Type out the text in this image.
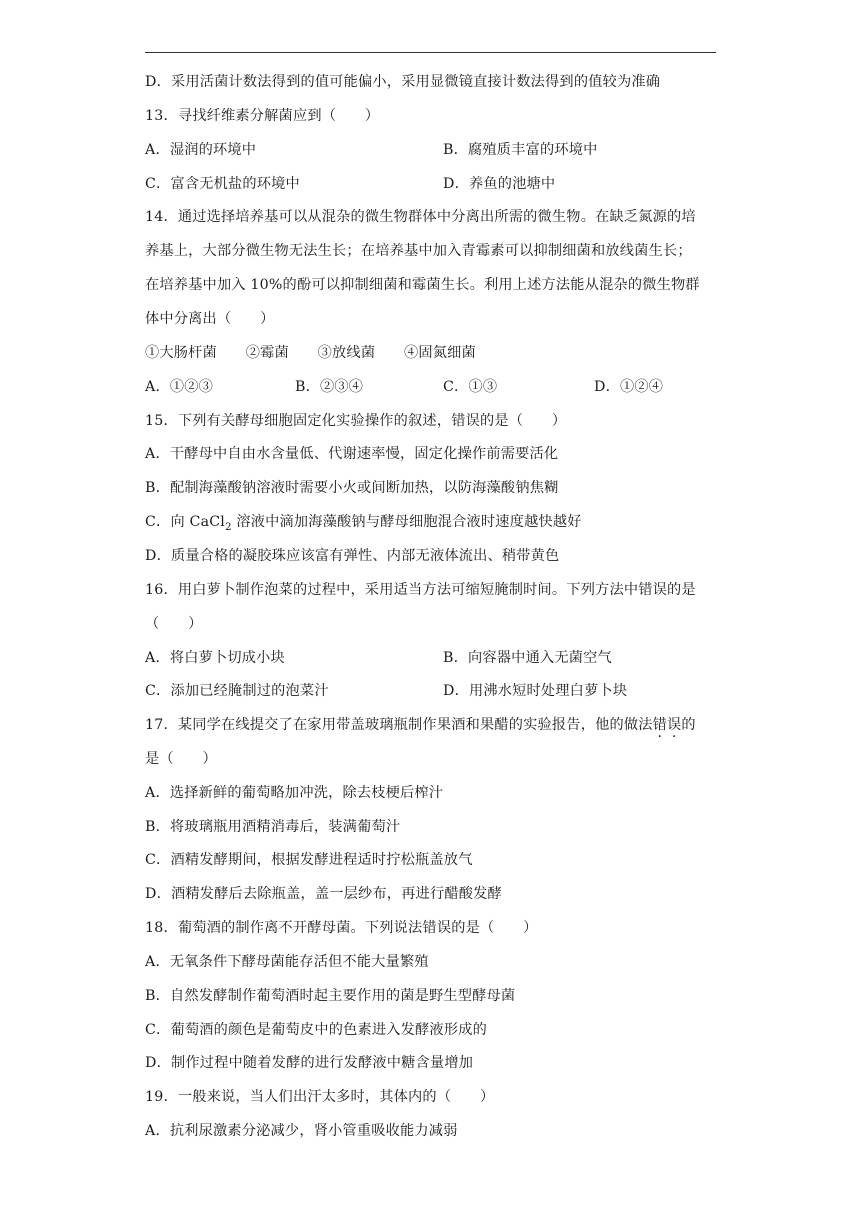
D．采用活菌计数法得到的值可能偏小，采用显微镜直接计数法得到的值较为准确
13．寻找纤维素分解菌应到（　　）
A．湿润的环境中	B．腐殖质丰富的环境中
C．富含无机盐的环境中	D．养鱼的池塘中
14．通过选择培养基可以从混杂的微生物群体中分离出所需的微生物。在缺乏氮源的培
养基上，大部分微生物无法生长；在培养基中加入青霉素可以抑制细菌和放线菌生长；
在培养基中加入 10%的酚可以抑制细菌和霉菌生长。利用上述方法能从混杂的微生物群
体中分离出（　　）
①大肠杆菌　　②霉菌　　③放线菌　　④固氮细菌
A．①②③	B．②③④	C．①③	D．①②④
15．下列有关酵母细胞固定化实验操作的叙述，错误的是（　　）
A．干酵母中自由水含量低、代谢速率慢，固定化操作前需要活化
B．配制海藻酸钠溶液时需要小火或间断加热，以防海藻酸钠焦糊
C．向 CaCl$_2$ 溶液中滴加海藻酸钠与酵母细胞混合液时速度越快越好
D．质量合格的凝胶珠应该富有弹性、内部无液体流出、稍带黄色
16．用白萝卜制作泡菜的过程中，采用适当方法可缩短腌制时间。下列方法中错误的是
（　　）
A．将白萝卜切成小块	B．向容器中通入无菌空气
C．添加已经腌制过的泡菜汁	D．用沸水短时处理白萝卜块
17．某同学在线提交了在家用带盖玻璃瓶制作果酒和果醋的实验报告，他的做法错误的
是（　　）
A．选择新鲜的葡萄略加冲洗，除去枝梗后榨汁
B．将玻璃瓶用酒精消毒后，装满葡萄汁
C．酒精发酵期间，根据发酵进程适时拧松瓶盖放气
D．酒精发酵后去除瓶盖，盖一层纱布，再进行醋酸发酵
18．葡萄酒的制作离不开酵母菌。下列说法错误的是（　　）
A．无氧条件下酵母菌能存活但不能大量繁殖
B．自然发酵制作葡萄酒时起主要作用的菌是野生型酵母菌
C．葡萄酒的颜色是葡萄皮中的色素进入发酵液形成的
D．制作过程中随着发酵的进行发酵液中糖含量增加
19．一般来说，当人们出汗太多时，其体内的（　　）
A．抗利尿激素分泌减少，肾小管重吸收能力减弱
